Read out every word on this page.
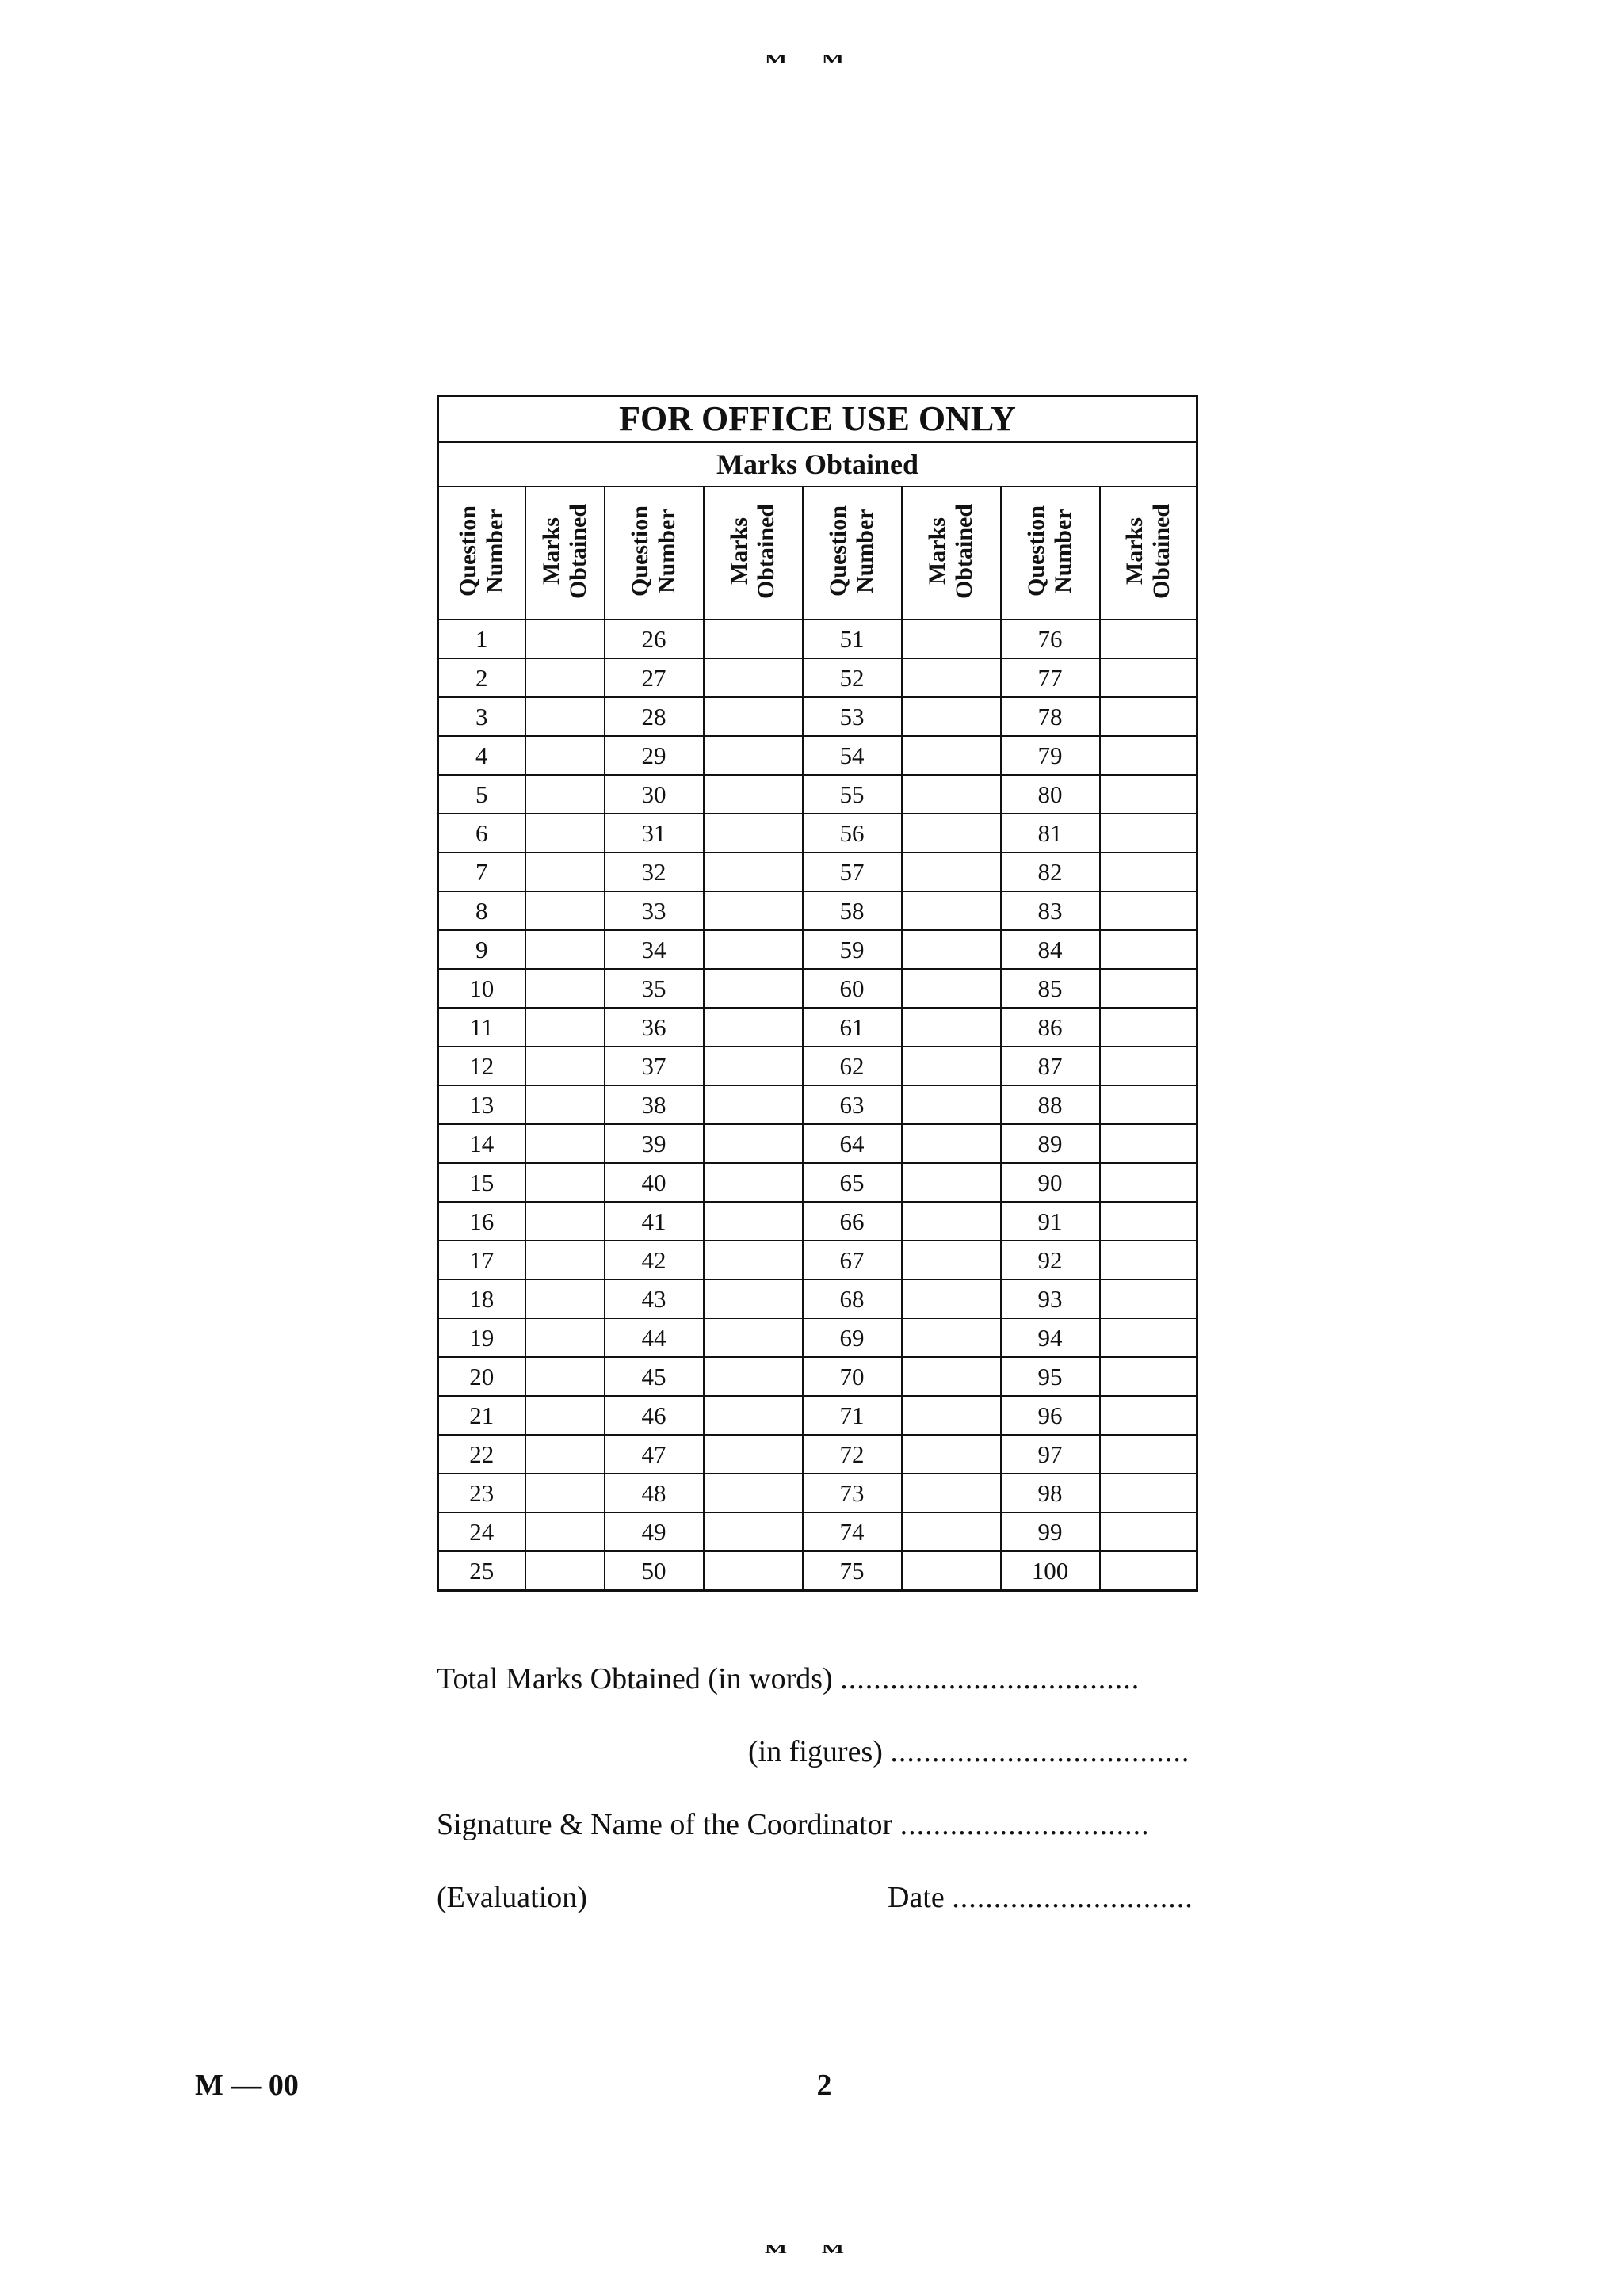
M M
FOR OFFICE USE ONLY							
Marks Obtained							
Question
Number	Marks
Obtained	Question
Number	Marks
Obtained	Question
Number	Marks
Obtained	Question
Number	Marks
Obtained
1		26		51		76	
2		27		52		77	
3		28		53		78	
4		29		54		79	
5		30		55		80	
6		31		56		81	
7		32		57		82	
8		33		58		83	
9		34		59		84	
10		35		60		85	
11		36		61		86	
12		37		62		87	
13		38		63		88	
14		39		64		89	
15		40		65		90	
16		41		66		91	
17		42		67		92	
18		43		68		93	
19		44		69		94	
20		45		70		95	
21		46		71		96	
22		47		72		97	
23		48		73		98	
24		49		74		99	
25		50		75		100	
Total Marks Obtained (in words) ....................................
(in figures) ....................................
Signature & Name of the Coordinator ..............................
(Evaluation)	Date .............................
M — 00	2
M M
